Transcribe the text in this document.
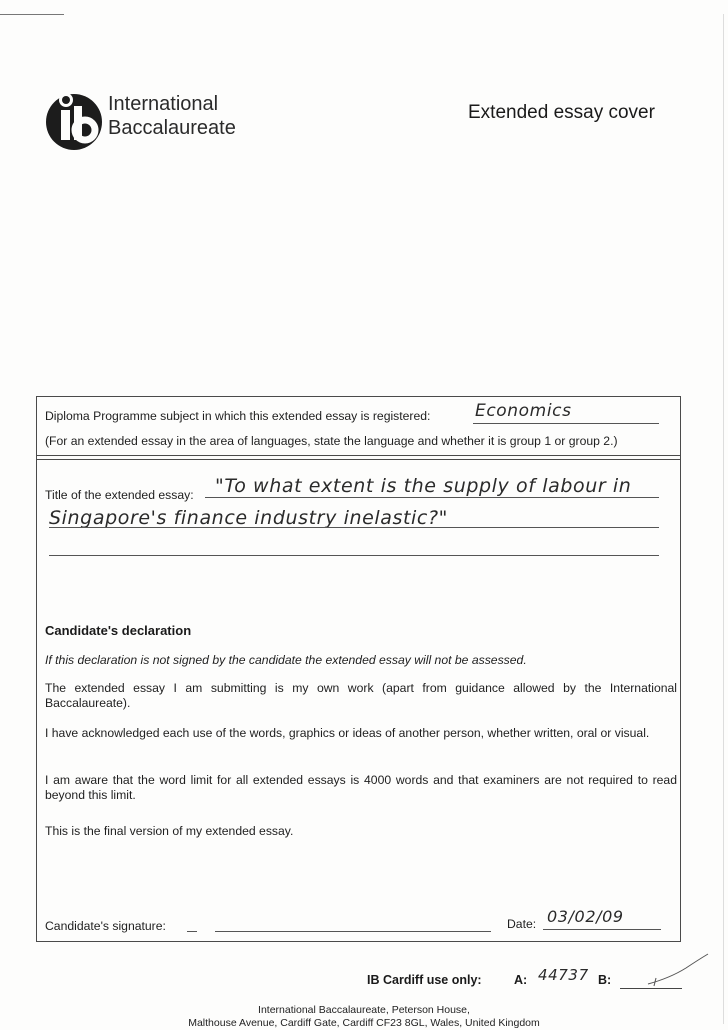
International
Baccalaureate
Extended essay cover
Diploma Programme subject in which this extended essay is registered:	Economics
(For an extended essay in the area of languages, state the language and whether it is group 1 or group 2.)
Title of the extended essay: "To what extent is the supply of labour in
Singapore's finance industry inelastic?"
Candidate's declaration
If this declaration is not signed by the candidate the extended essay will not be assessed.
The extended essay I am submitting is my own work (apart from guidance allowed by the International Baccalaureate).
I have acknowledged each use of the words, graphics or ideas of another person, whether written, oral or visual.
I am aware that the word limit for all extended essays is 4000 words and that examiners are not required to read beyond this limit.
This is the final version of my extended essay.
Candidate's signature:	Date: 03/02/09
IB Cardiff use only:	A: 44737 B:
International Baccalaureate, Peterson House,
Malthouse Avenue, Cardiff Gate, Cardiff CF23 8GL, Wales, United Kingdom
